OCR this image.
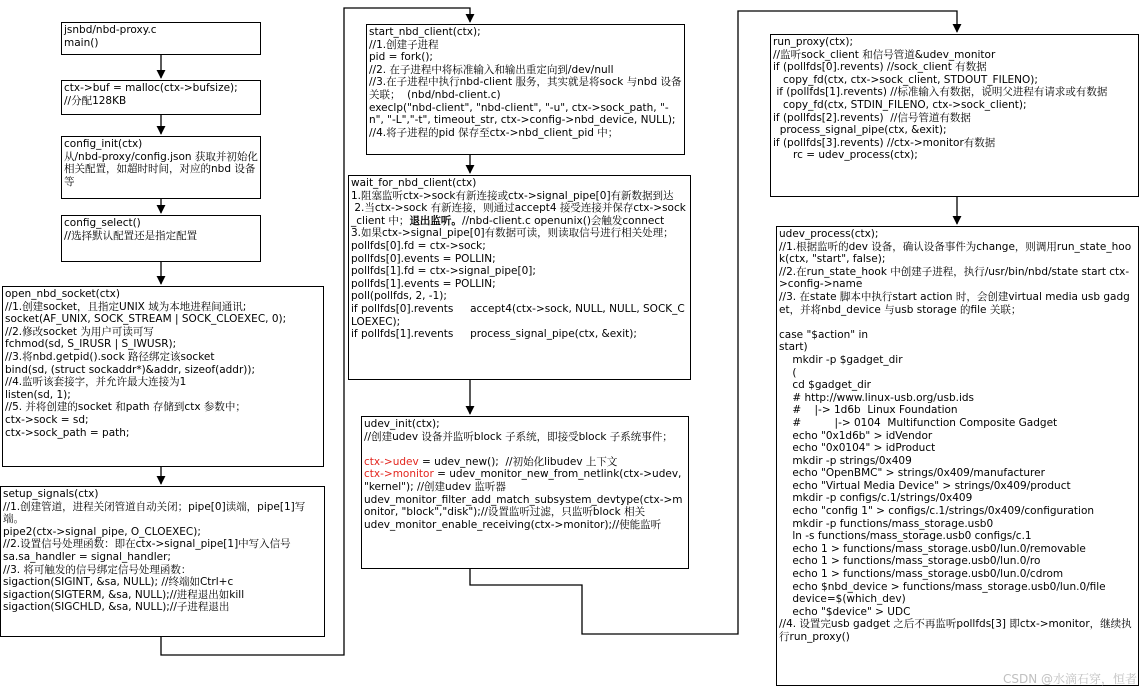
jsnbd/nbd-proxy.c
main()
ctx->buf = malloc(ctx->bufsize);
//分配128KB
config_init(ctx)
从/nbd-proxy/config.json 获取并初始化相关配置，如超时时间，对应的nbd 设备等
config_select()
//选择默认配置还是指定配置
open_nbd_socket(ctx)
//1.创建socket，且指定UNIX 域为本地进程间通讯;
socket(AF_UNIX, SOCK_STREAM | SOCK_CLOEXEC, 0);
//2.修改socket 为用户可读可写
fchmod(sd, S_IRUSR | S_IWUSR);
//3.将nbd.getpid().sock 路径绑定该socket
bind(sd, (struct sockaddr*)&addr, sizeof(addr));
//4.监听该套接字，并允许最大连接为1
listen(sd, 1);
//5. 并将创建的socket 和path 存储到ctx 参数中；
ctx->sock = sd;
ctx->sock_path = path;
setup_signals(ctx)
//1.创建管道，进程关闭管道自动关闭；pipe[0]读端，pipe[1]写端。
pipe2(ctx->signal_pipe, O_CLOEXEC);
//2.设置信号处理函数：即在ctx->signal_pipe[1]中写入信号
sa.sa_handler = signal_handler;
//3. 将可触发的信号绑定信号处理函数：
sigaction(SIGINT, &sa, NULL); //终端如Ctrl+c
sigaction(SIGTERM, &sa, NULL);//进程退出如kill
sigaction(SIGCHLD, &sa, NULL);//子进程退出
start_nbd_client(ctx);
//1.创建子进程
pid = fork();
//2. 在子进程中将标准输入和输出重定向到/dev/null
//3.在子进程中执行nbd-client 服务，其实就是将sock 与nbd 设备关联；  (nbd/nbd-client.c)
execlp("nbd-client", "nbd-client", "-u", ctx->sock_path, "-n", "-L","-t", timeout_str, ctx->config->nbd_device, NULL);
//4.将子进程的pid 保存至ctx->nbd_client_pid 中；
wait_for_nbd_client(ctx)
1.阻塞监听ctx->sock有新连接或ctx->signal_pipe[0]有新数据到达
2.当ctx->sock 有新连接，则通过accept4 接受连接并保存ctx->sock_client 中；退出监听。//nbd-client.c openunix()会触发connect
3.如果ctx->signal_pipe[0]有数据可读，则读取信号进行相关处理；
pollfds[0].fd = ctx->sock;
pollfds[0].events = POLLIN;
pollfds[1].fd = ctx->signal_pipe[0];
pollfds[1].events = POLLIN;
poll(pollfds, 2, -1);
if pollfds[0].revents     accept4(ctx->sock, NULL, NULL, SOCK_CLOEXEC);
if pollfds[1].revents     process_signal_pipe(ctx, &exit);
udev_init(ctx);
//创建udev 设备并监听block 子系统，即接受block 子系统事件；
ctx->udev = udev_new();  //初始化libudev 上下文
ctx->monitor = udev_monitor_new_from_netlink(ctx->udev, "kernel"); //创建udev 监听器
udev_monitor_filter_add_match_subsystem_devtype(ctx->monitor, "block","disk");//设置监听过滤，只监听block 相关
udev_monitor_enable_receiving(ctx->monitor);//使能监听
run_proxy(ctx);
//监听sock_client 和信号管道&udev_monitor
if (pollfds[0].revents) //sock_client 有数据
copy_fd(ctx, ctx->sock_client, STDOUT_FILENO);
if (pollfds[1].revents) //标准输入有数据，说明父进程有请求或有数据
copy_fd(ctx, STDIN_FILENO, ctx->sock_client);
if (pollfds[2].revents)  //信号管道有数据
process_signal_pipe(ctx, &exit);
if (pollfds[3].revents) //ctx->monitor有数据
rc = udev_process(ctx);
udev_process(ctx);
//1.根据监听的dev 设备，确认设备事件为change，则调用run_state_hook(ctx, "start", false);
//2.在run_state_hook 中创建子进程，执行/usr/bin/nbd/state start ctx->config->name
//3. 在state 脚本中执行start action 时，会创建virtual media usb gadget，并将nbd_device 与usb storage 的file 关联；
case "$action" in
start)
mkdir -p $gadget_dir
(
cd $gadget_dir
# http://www.linux-usb.org/usb.ids
#    |-> 1d6b  Linux Foundation
#          |-> 0104  Multifunction Composite Gadget
echo "0x1d6b" > idVendor
echo "0x0104" > idProduct
mkdir -p strings/0x409
echo "OpenBMC" > strings/0x409/manufacturer
echo "Virtual Media Device" > strings/0x409/product
mkdir -p configs/c.1/strings/0x409
echo "config 1" > configs/c.1/strings/0x409/configuration
mkdir -p functions/mass_storage.usb0
ln -s functions/mass_storage.usb0 configs/c.1
echo 1 > functions/mass_storage.usb0/lun.0/removable
echo 1 > functions/mass_storage.usb0/lun.0/ro
echo 1 > functions/mass_storage.usb0/lun.0/cdrom
echo $nbd_device > functions/mass_storage.usb0/lun.0/file
device=$(which_dev)
echo "$device" > UDC
//4. 设置完usb gadget 之后不再监听pollfds[3] 即ctx->monitor，继续执行run_proxy()
CSDN @水滴石穿，恒者
